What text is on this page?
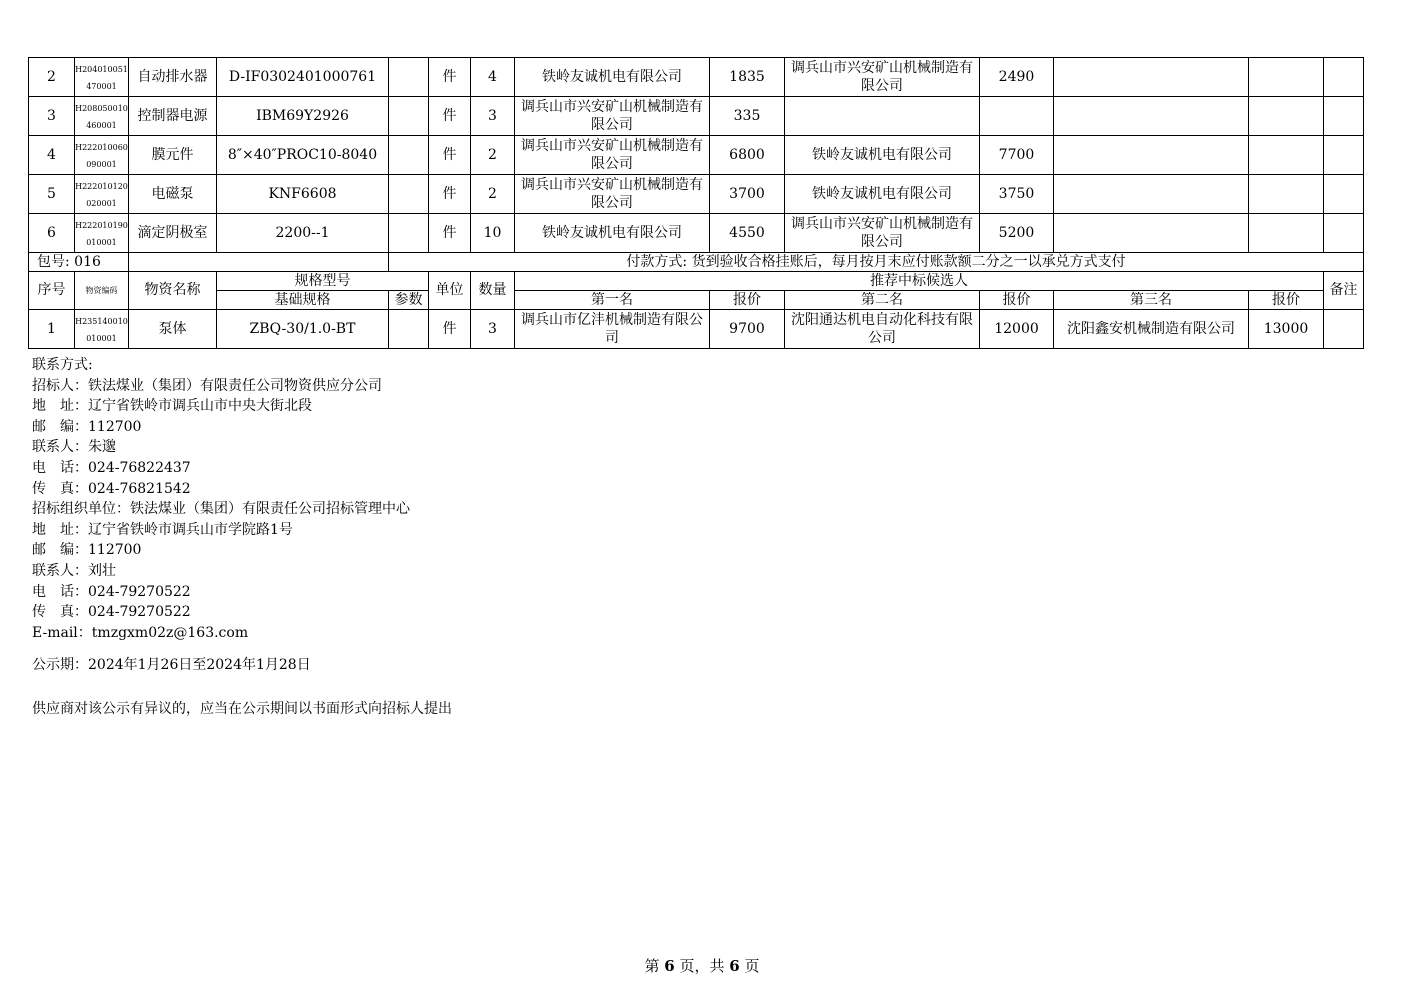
2	H204010051470001	自动排水器	D-IF0302401000761		件	4	铁岭友诚机电有限公司	1835	调兵山市兴安矿山机械制造有限公司	2490	

3	H208050010460001	控制器电源	IBM69Y2926		件	3	调兵山市兴安矿山机械制造有限公司	335	

4	H222010060090001	膜元件	8″×40″PROC10-8040		件	2	调兵山市兴安矿山机械制造有限公司	6800	铁岭友诚机电有限公司	7700	

5	H222010120020001	电磁泵	KNF6608		件	2	调兵山市兴安矿山机械制造有限公司	3700	铁岭友诚机电有限公司	3750	

6	H222010190010001	滴定阴极室	2200--1		件	10	铁岭友诚机电有限公司	4550	调兵山市兴安矿山机械制造有限公司	5200	

包号: 016				付款方式: 货到验收合格挂账后，每月按月末应付账款额二分之一以承兑方式支付									
序号	物资编码	物资名称	规格型号		单位	数量	推荐中标候选人						备注
			基础规格	参数			第一名	报价	第二名	报价	第三名	报价	
1	H235140010010001	泵体	ZBQ-30/1.0-BT		件	3	调兵山市亿沣机械制造有限公司	9700	沈阳通达机电自动化科技有限公司	12000	沈阳鑫安机械制造有限公司	13000	
联系方式:
招标人：铁法煤业（集团）有限责任公司物资供应分公司
地　址：辽宁省铁岭市调兵山市中央大街北段
邮　编：112700
联系人：朱邈
电　话：024-76822437
传　真：024-76821542
招标组织单位：铁法煤业（集团）有限责任公司招标管理中心
地　址：辽宁省铁岭市调兵山市学院路1号
邮　编：112700
联系人：刘壮
电　话：024-79270522
传　真：024-79270522
E-mail：tmzgxm02z@163.com
公示期：2024年1月26日至2024年1月28日
供应商对该公示有异议的，应当在公示期间以书面形式向招标人提出
第 6 页，共 6 页
